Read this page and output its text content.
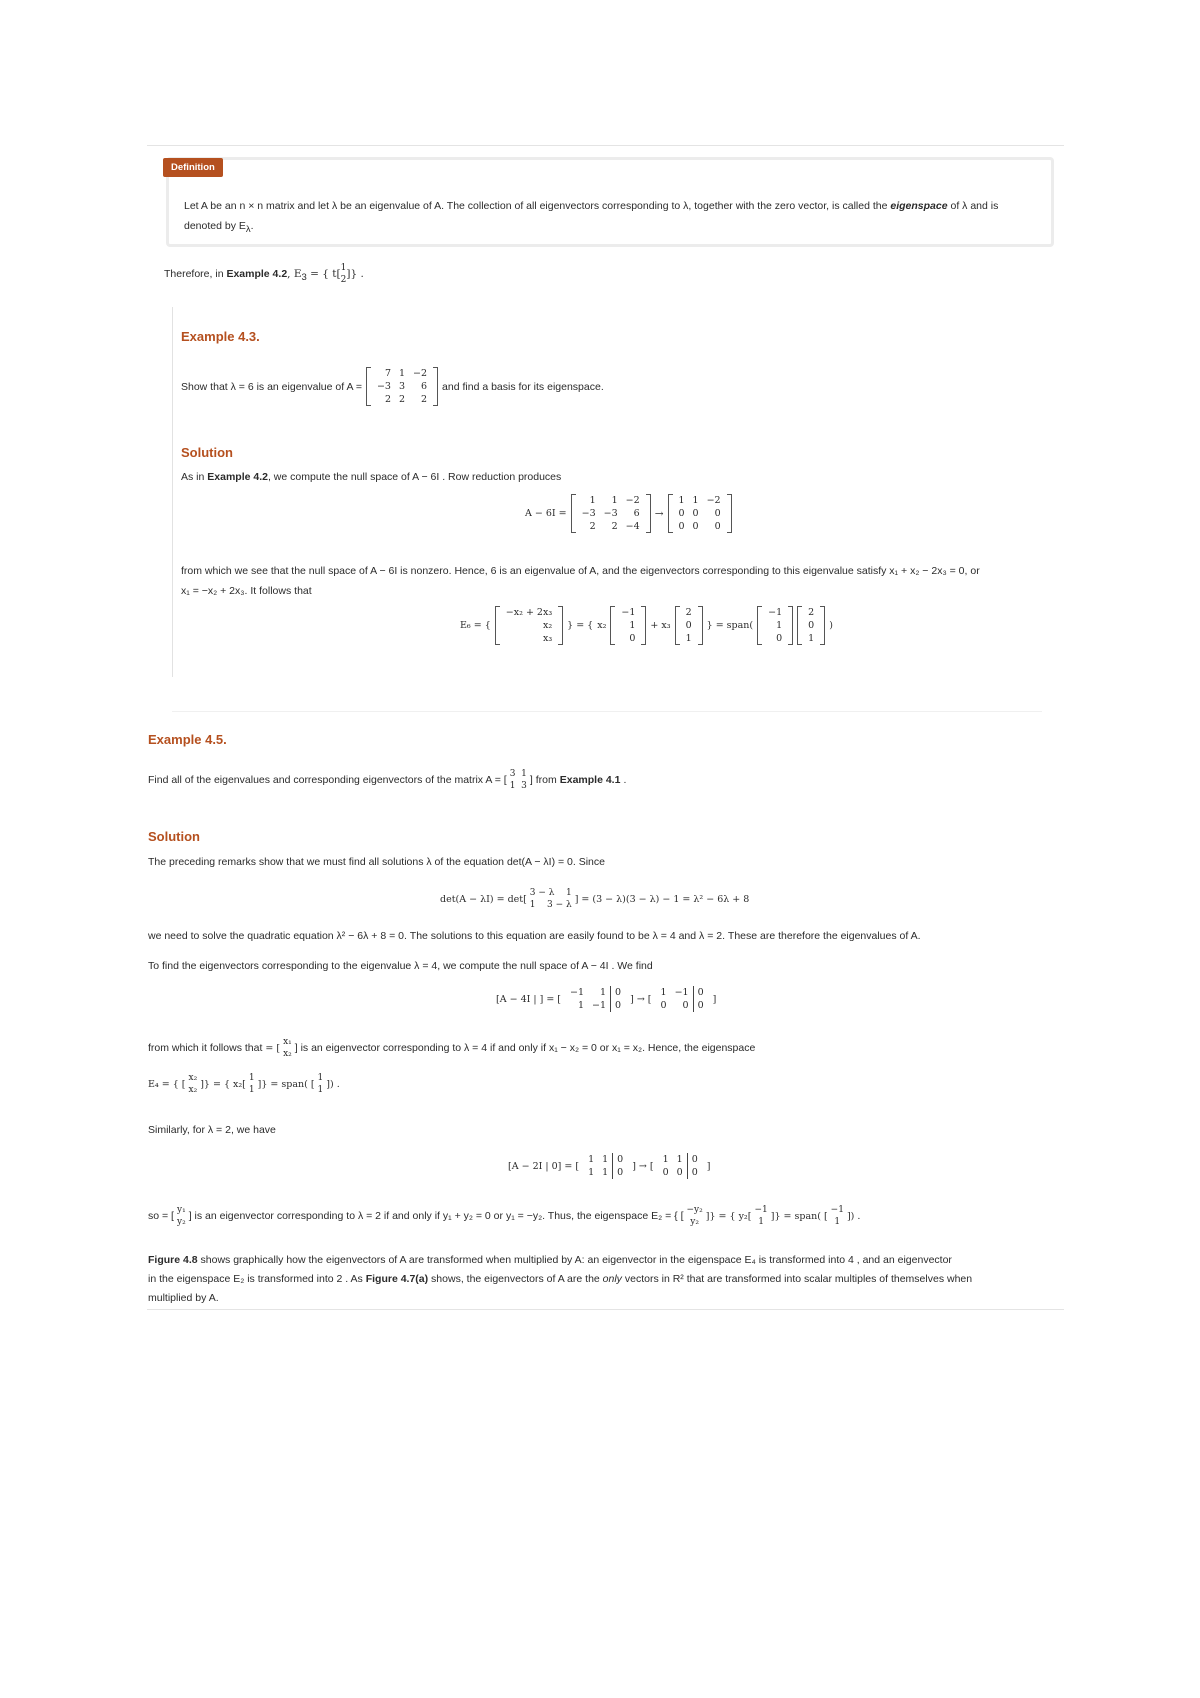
Definition
Let A be an n × n matrix and let λ be an eigenvalue of A. The collection of all eigenvectors corresponding to λ, together with the zero vector, is called the eigenspace of λ and is
denoted by $E_\lambda$.
Therefore, in Example 4.2, $E_3$ = { t[ 1
2
]} .
Example 4.3.
Show that λ = 6 is an eigenvalue of A =
7	1	−2
−3	3	6
2	2	2
and find a basis for its eigenspace.
Solution
As in Example 4.2, we compute the null space of A − 6I . Row reduction produces
A − 6I =
1	1	−2
−3	−3	6
2	2	−4
→
1	1	−2
0	0	0
0	0	0
from which we see that the null space of A − 6I is nonzero. Hence, 6 is an eigenvalue of A, and the eigenvectors corresponding to this eigenvalue satisfy x₁ + x₂ − 2x₃ = 0, or
x₁ = −x₂ + 2x₃. It follows that
E₆ = {
−x₂ + 2x₃
x₂
x₃
} = { x₂
−1
1
0
+ x₃
2
0
1
} = span(
−1
1
0
2
0
1
)
Example 4.5.
Find all of the eigenvalues and corresponding eigenvectors of the matrix A = [ 3 1
1 3 ] from Example 4.1 .
Solution
The preceding remarks show that we must find all solutions λ of the equation det(A − λI) = 0. Since
det(A − λI) = det[
3 − λ 1
1 3 − λ
] = (3 − λ)(3 − λ) − 1 = λ² − 6λ + 8
we need to solve the quadratic equation λ² − 6λ + 8 = 0. The solutions to this equation are easily found to be λ = 4 and λ = 2. These are therefore the eigenvalues of A.
To find the eigenvectors corresponding to the eigenvalue λ = 4, we compute the null space of A − 4I . We find
[A − 4I | ] = [
−1	1	0
1	−1	0
] → [
1	−1	0
0	0	0
]
from which it follows that = [
x₁
x₂ ] is an eigenvector corresponding to λ = 4 if and only if x₁ − x₂ = 0 or x₁ = x₂. Hence, the eigenspace
E₄ = { [
x₂
x₂
]} = { x₂[
1
1
]} = span( [
1
1
]) .
Similarly, for λ = 2, we have
[A − 2I | 0] = [
1	1	0
1	1	0
] → [
1	1	0
0	0	0
]
so = [ y₁
y₂ ] is an eigenvector corresponding to λ = 2 if and only if y₁ + y₂ = 0 or y₁ = −y₂. Thus, the eigenspace E₂ = { [ −y₂
y₂
]} = { y₂[
−1
1
]} = span( [
−1
1
]) .
Figure 4.8 shows graphically how the eigenvectors of A are transformed when multiplied by A: an eigenvector in the eigenspace E₄ is transformed into 4 , and an eigenvector
in the eigenspace E₂ is transformed into 2 . As Figure 4.7(a) shows, the eigenvectors of A are the only vectors in R² that are transformed into scalar multiples of themselves when
multiplied by A.
